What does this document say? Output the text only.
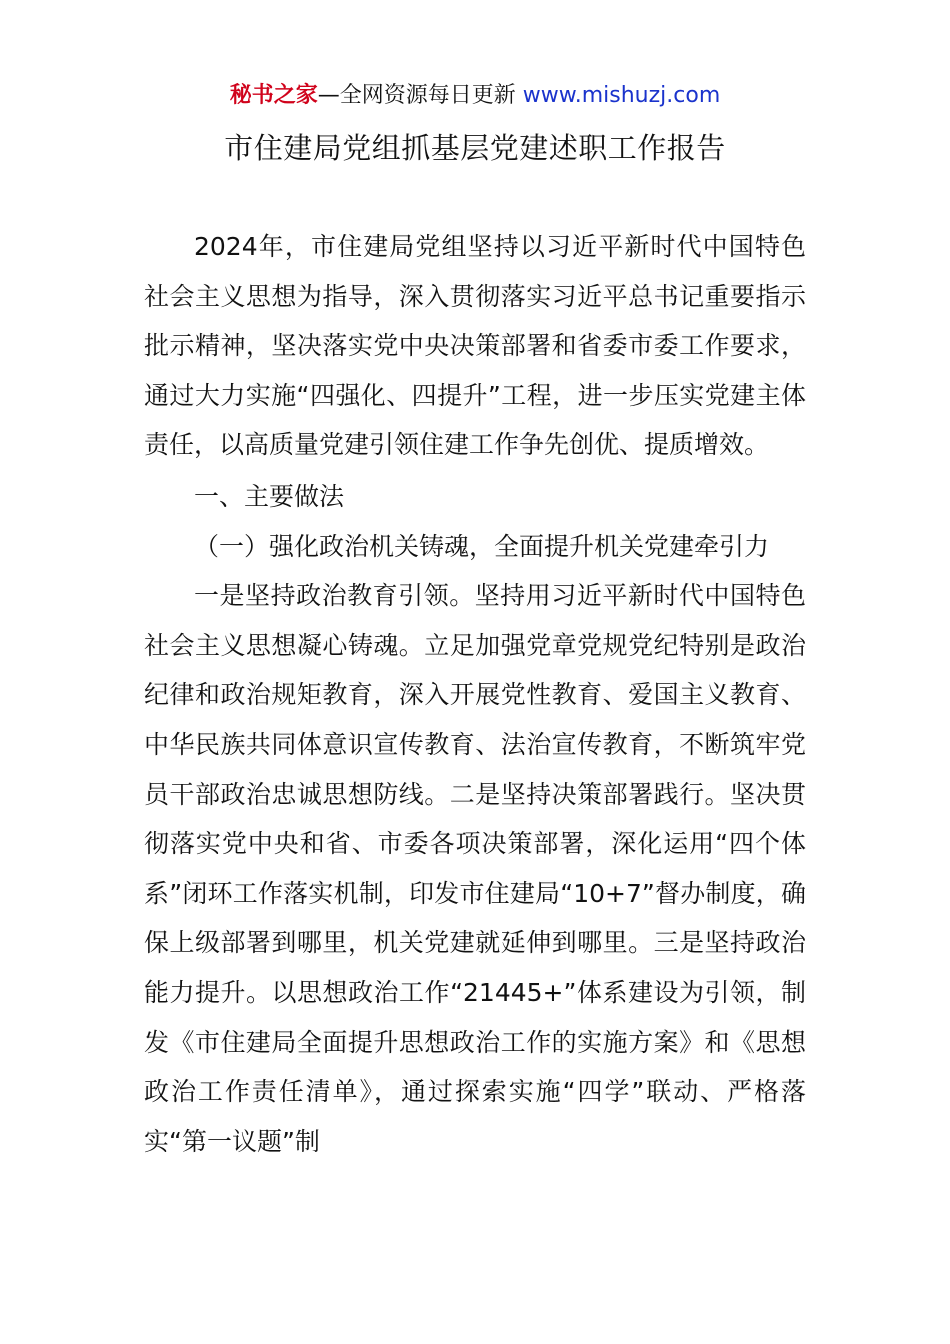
秘书之家—全网资源每日更新 www.mishuzj.com
市住建局党组抓基层党建述职工作报告

2024年，市住建局党组坚持以习近平新时代中国特色社会主义思想为指导，深入贯彻落实习近平总书记重要指示批示精神，坚决落实党中央决策部署和省委市委工作要求，通过大力实施“四强化、四提升”工程，进一步压实党建主体责任，以高质量党建引领住建工作争先创优、提质增效。

一、主要做法

（一）强化政治机关铸魂，全面提升机关党建牵引力

一是坚持政治教育引领。坚持用习近平新时代中国特色社会主义思想凝心铸魂。立足加强党章党规党纪特别是政治纪律和政治规矩教育，深入开展党性教育、爱国主义教育、中华民族共同体意识宣传教育、法治宣传教育，不断筑牢党员干部政治忠诚思想防线。二是坚持决策部署践行。坚决贯彻落实党中央和省、市委各项决策部署，深化运用“四个体系”闭环工作落实机制，印发市住建局“10+7”督办制度，确保上级部署到哪里，机关党建就延伸到哪里。三是坚持政治能力提升。以思想政治工作“21445+”体系建设为引领，制发《市住建局全面提升思想政治工作的实施方案》和《思想政治工作责任清单》，通过探索实施“四学”联动、严格落实“第一议题”制
